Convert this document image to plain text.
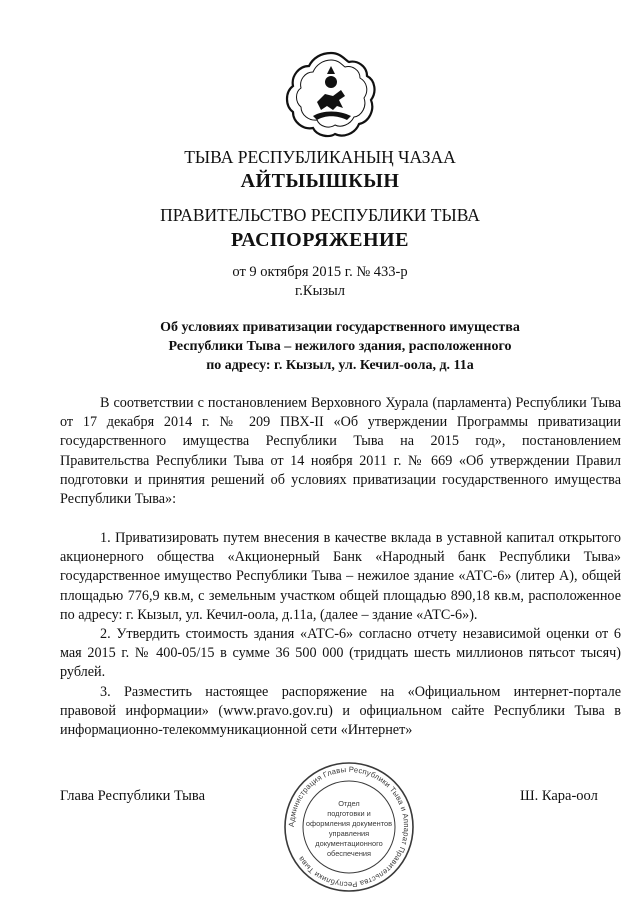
ТЫВА РЕСПУБЛИКАНЫҢ ЧАЗАА
АЙТЫЫШКЫН
ПРАВИТЕЛЬСТВО РЕСПУБЛИКИ ТЫВА
РАСПОРЯЖЕНИЕ
от 9 октября 2015 г. № 433-р
г.Кызыл
Об условиях приватизации государственного имущества
Республики Тыва – нежилого здания, расположенного
по адресу: г. Кызыл, ул. Кечил-оола, д. 11а

В соответствии с постановлением Верховного Хурала (парламента) Республики Тыва от 17 декабря 2014 г. № 209 ПВХ-II «Об утверждении Программы приватизации государственного имущества Республики Тыва на 2015 год», постановлением Правительства Республики Тыва от 14 ноября 2011 г. № 669 «Об утверждении Правил подготовки и принятия решений об условиях приватизации государственного имущества Республики Тыва»:

1. Приватизировать путем внесения в качестве вклада в уставной капитал открытого акционерного общества «Акционерный Банк «Народный банк Республики Тыва» государственное имущество Республики Тыва – нежилое здание «АТС-6» (литер А), общей площадью 776,9 кв.м, с земельным участком общей площадью 890,18 кв.м, расположенное по адресу: г. Кызыл, ул. Кечил-оола, д.11а, (далее – здание «АТС-6»).

2. Утвердить стоимость здания «АТС-6» согласно отчету независимой оценки от 6 мая 2015 г. № 400-05/15 в сумме 36 500 000 (тридцать шесть миллионов пятьсот тысяч) рублей.

3. Разместить настоящее распоряжение на «Официальном интернет-портале правовой информации» (www.pravo.gov.ru) и официальном сайте Республики Тыва в информационно-телекоммуникационной сети «Интернет»

Глава Республики Тыва	Ш. Кара-оол
Администрация Главы Республики Тыва и Аппарат Правительства Республики Тыва
Отдел
подготовки и
оформления документов
управления
документационного
обеспечения
